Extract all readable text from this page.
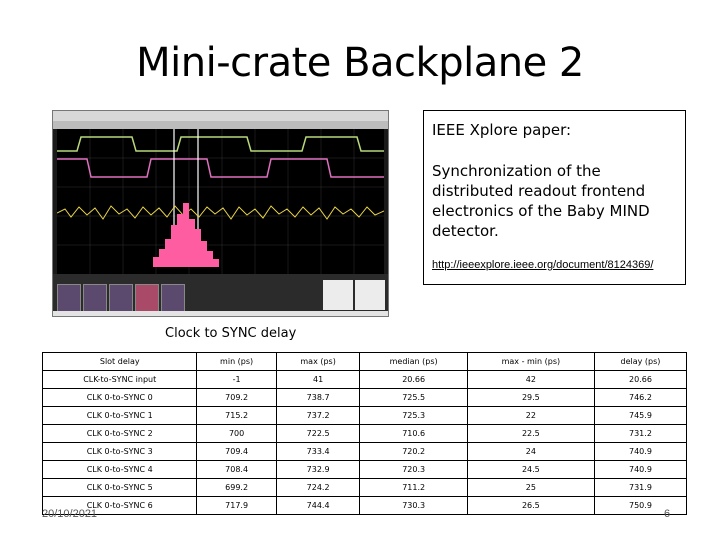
Mini-crate Backplane 2
IEEE Xplore paper:
Synchronization of the distributed readout frontend electronics of the Baby MIND detector.
http://ieeexplore.ieee.org/document/8124369/
Clock to SYNC delay
Slot delay	min (ps)	max (ps)	median (ps)	max - min (ps)	delay (ps)
CLK-to-SYNC input	-1	41	20.66	42	20.66
CLK 0-to-SYNC 0	709.2	738.7	725.5	29.5	746.2
CLK 0-to-SYNC 1	715.2	737.2	725.3	22	745.9
CLK 0-to-SYNC 2	700	722.5	710.6	22.5	731.2
CLK 0-to-SYNC 3	709.4	733.4	720.2	24	740.9
CLK 0-to-SYNC 4	708.4	732.9	720.3	24.5	740.9
CLK 0-to-SYNC 5	699.2	724.2	711.2	25	731.9
CLK 0-to-SYNC 6	717.9	744.4	730.3	26.5	750.9
20/10/2021	6
